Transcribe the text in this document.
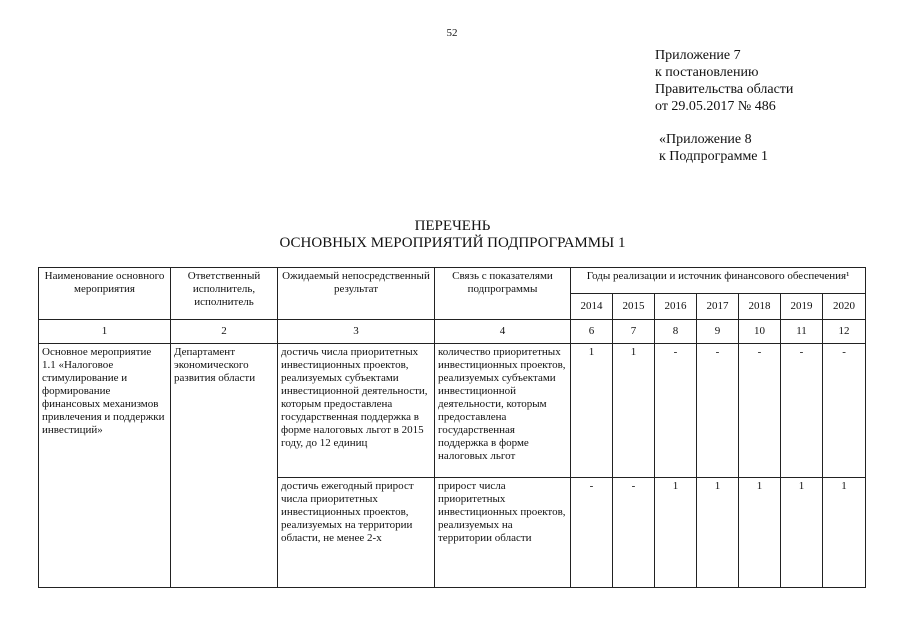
52
Приложение 7
к постановлению
Правительства области
от 29.05.2017 № 486
«Приложение 8
к Подпрограмме 1
ПЕРЕЧЕНЬ
ОСНОВНЫХ МЕРОПРИЯТИЙ ПОДПРОГРАММЫ 1
Наименование основного мероприятия	Ответственный исполнитель, исполнитель	Ожидаемый непосредственный результат	Связь с показателями подпрограммы	Годы реализации и источник финансового обеспечения¹						
				2014	2015	2016	2017	2018	2019	2020
1	2	3	4	6	7	8	9	10	11	12
Основное мероприятие 1.1 «Налоговое стимулирование и формирование финансовых механизмов привлечения и поддержки инвестиций»	Департамент экономического развития области	достичь числа приоритетных инвестиционных проектов, реализуемых субъектами инвестиционной деятельности, которым предоставлена государственная поддержка в форме налоговых льгот в 2015 году, до 12 единиц	количество приоритетных инвестиционных проектов, реализуемых субъектами инвестиционной деятельности, которым предоставлена государственная поддержка в форме налоговых льгот	1	1	-	-	-	-	-
		достичь ежегодный прирост числа приоритетных инвестиционных проектов, реализуемых на территории области, не менее 2-х	прирост числа приоритетных инвестиционных проектов, реализуемых на территории области	-	-	1	1	1	1	1
